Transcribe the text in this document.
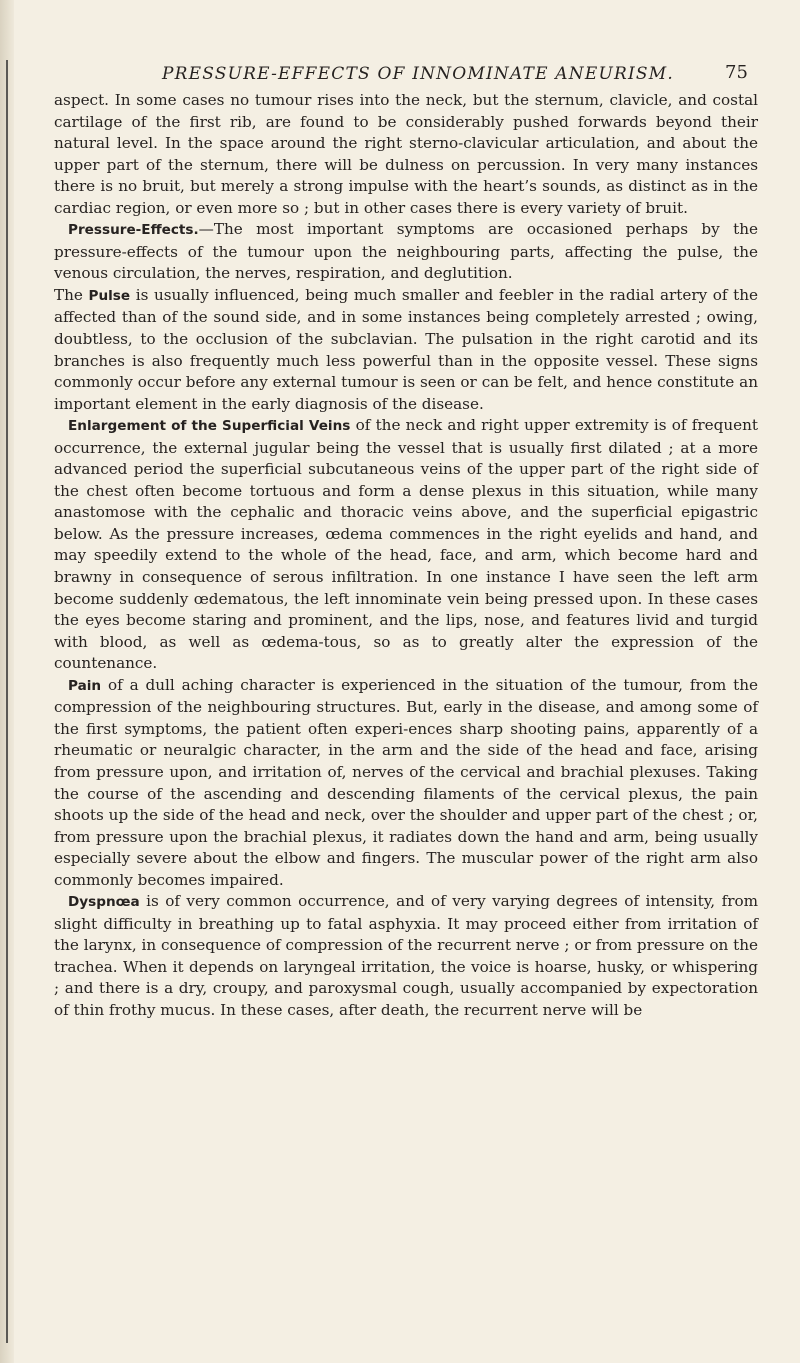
PRESSURE-EFFECTS OF INNOMINATE ANEURISM.	75

aspect. In some cases no tumour rises into the neck, but the sternum, clavicle, and costal cartilage of the first rib, are found to be considerably pushed forwards beyond their natural level. In the space around the right sterno-clavicular articulation, and about the upper part of the sternum, there will be dulness on percussion. In very many instances there is no bruit, but merely a strong impulse with the heart’s sounds, as distinct as in the cardiac region, or even more so ; but in other cases there is every variety of bruit.

Pressure-Effects.—The most important symptoms are occasioned perhaps by the pressure-effects of the tumour upon the neighbouring parts, affecting the pulse, the venous circulation, the nerves, respiration, and deglutition.

The Pulse is usually influenced, being much smaller and feebler in the radial artery of the affected than of the sound side, and in some instances being completely arrested ; owing, doubtless, to the occlusion of the subclavian. The pulsation in the right carotid and its branches is also frequently much less powerful than in the opposite vessel. These signs commonly occur before any external tumour is seen or can be felt, and hence constitute an important element in the early diagnosis of the disease.

Enlargement of the Superficial Veins of the neck and right upper extremity is of frequent occurrence, the external jugular being the vessel that is usually first dilated ; at a more advanced period the superficial subcutaneous veins of the upper part of the right side of the chest often become tortuous and form a dense plexus in this situation, while many anastomose with the cephalic and thoracic veins above, and the superficial epigastric below. As the pressure increases, œdema commences in the right eyelids and hand, and may speedily extend to the whole of the head, face, and arm, which become hard and brawny in consequence of serous infiltration. In one instance I have seen the left arm become suddenly œdematous, the left innominate vein being pressed upon. In these cases the eyes become staring and prominent, and the lips, nose, and features livid and turgid with blood, as well as œdema-tous, so as to greatly alter the expression of the countenance.

Pain of a dull aching character is experienced in the situation of the tumour, from the compression of the neighbouring structures. But, early in the disease, and among some of the first symptoms, the patient often experi-ences sharp shooting pains, apparently of a rheumatic or neuralgic character, in the arm and the side of the head and face, arising from pressure upon, and irritation of, nerves of the cervical and brachial plexuses. Taking the course of the ascending and descending filaments of the cervical plexus, the pain shoots up the side of the head and neck, over the shoulder and upper part of the chest ; or, from pressure upon the brachial plexus, it radiates down the hand and arm, being usually especially severe about the elbow and fingers. The muscular power of the right arm also commonly becomes impaired.

Dyspnœa is of very common occurrence, and of very varying degrees of intensity, from slight difficulty in breathing up to fatal asphyxia. It may proceed either from irritation of the larynx, in consequence of compression of the recurrent nerve ; or from pressure on the trachea. When it depends on laryngeal irritation, the voice is hoarse, husky, or whispering ; and there is a dry, croupy, and paroxysmal cough, usually accompanied by expectoration of thin frothy mucus. In these cases, after death, the recurrent nerve will be
